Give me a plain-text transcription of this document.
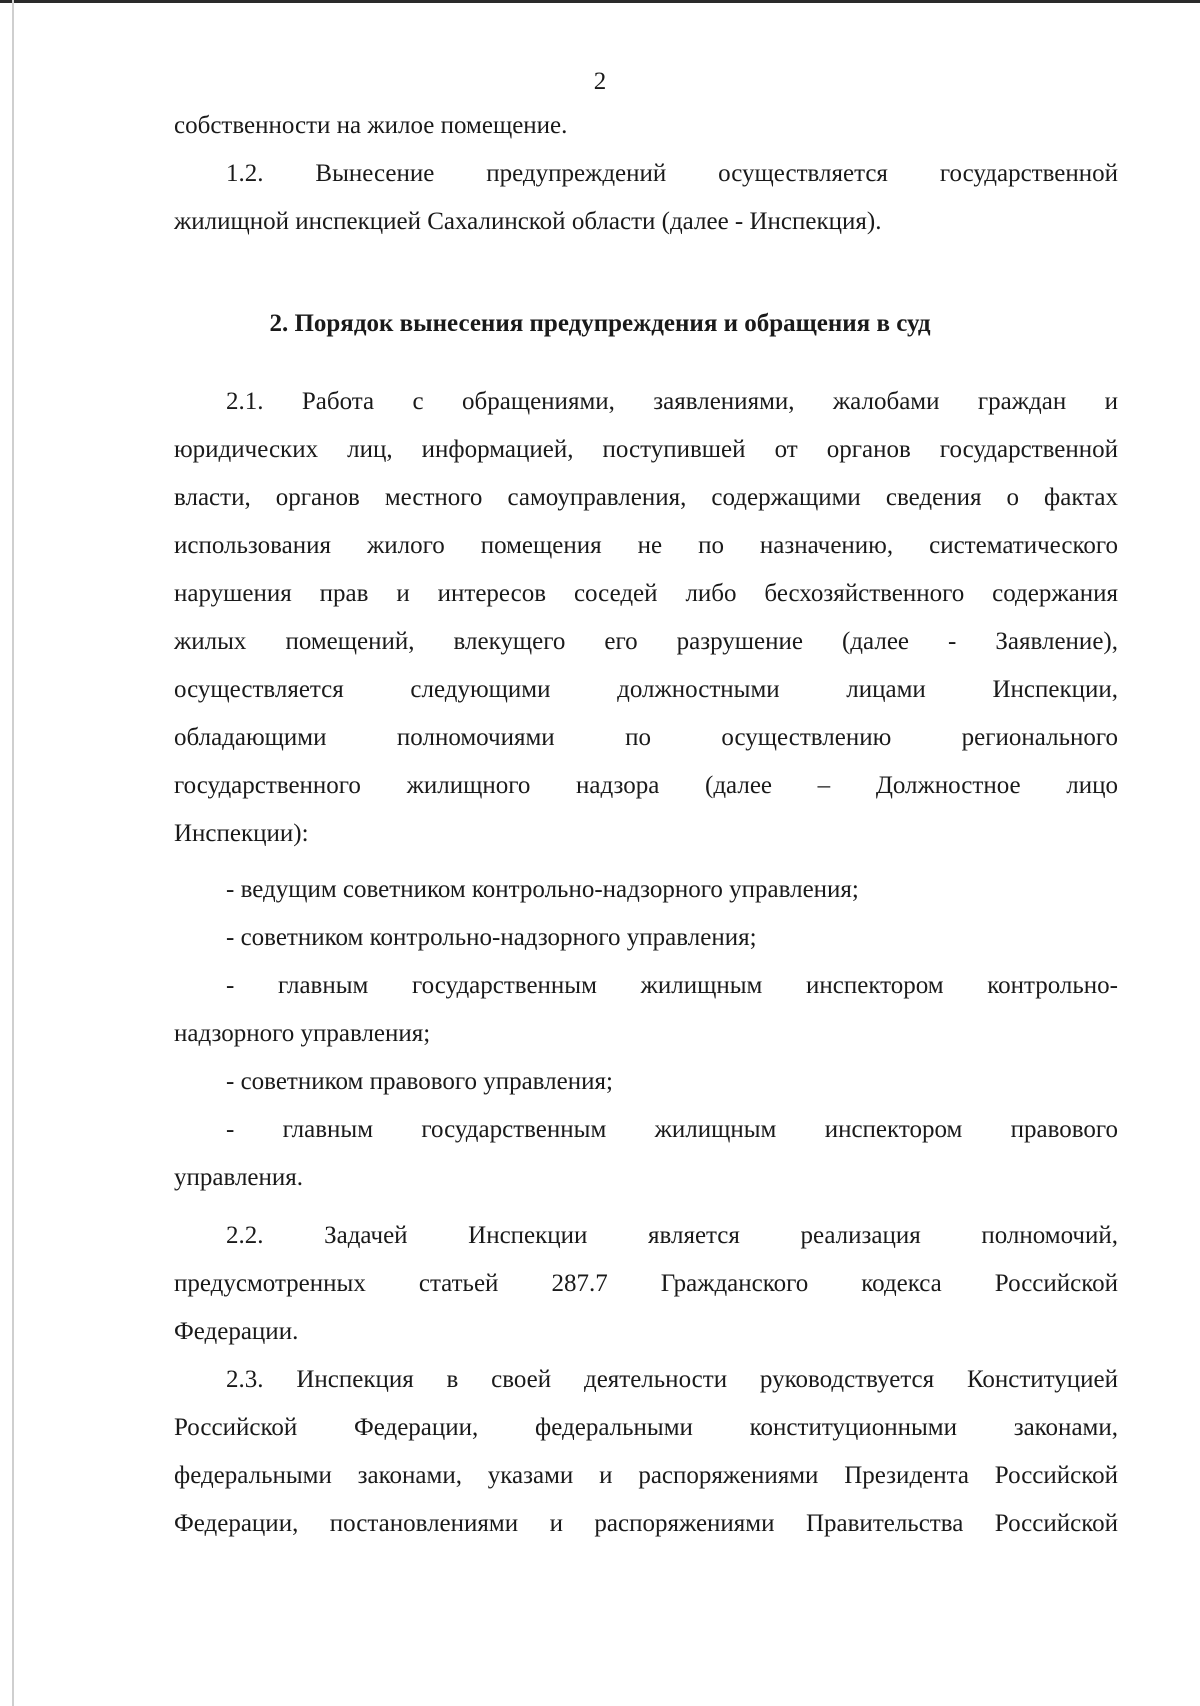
2
собственности на жилое помещение.
1.2. Вынесение предупреждений осуществляется государственной
жилищной инспекцией Сахалинской области (далее - Инспекция).
2. Порядок вынесения предупреждения и обращения в суд
2.1. Работа с обращениями, заявлениями, жалобами граждан и
юридических лиц, информацией, поступившей от органов государственной
власти, органов местного самоуправления, содержащими сведения о фактах
использования жилого помещения не по назначению, систематического
нарушения прав и интересов соседей либо бесхозяйственного содержания
жилых помещений, влекущего его разрушение (далее - Заявление),
осуществляется следующими должностными лицами Инспекции,
обладающими полномочиями по осуществлению регионального
государственного жилищного надзора (далее – Должностное лицо
Инспекции):
- ведущим советником контрольно-надзорного управления;
- советником контрольно-надзорного управления;
- главным государственным жилищным инспектором контрольно-
надзорного управления;
- советником правового управления;
- главным государственным жилищным инспектором правового
управления.
2.2. Задачей Инспекции является реализация полномочий,
предусмотренных статьей 287.7 Гражданского кодекса Российской
Федерации.
2.3. Инспекция в своей деятельности руководствуется Конституцией
Российской Федерации, федеральными конституционными законами,
федеральными законами, указами и распоряжениями Президента Российской
Федерации, постановлениями и распоряжениями Правительства Российской
